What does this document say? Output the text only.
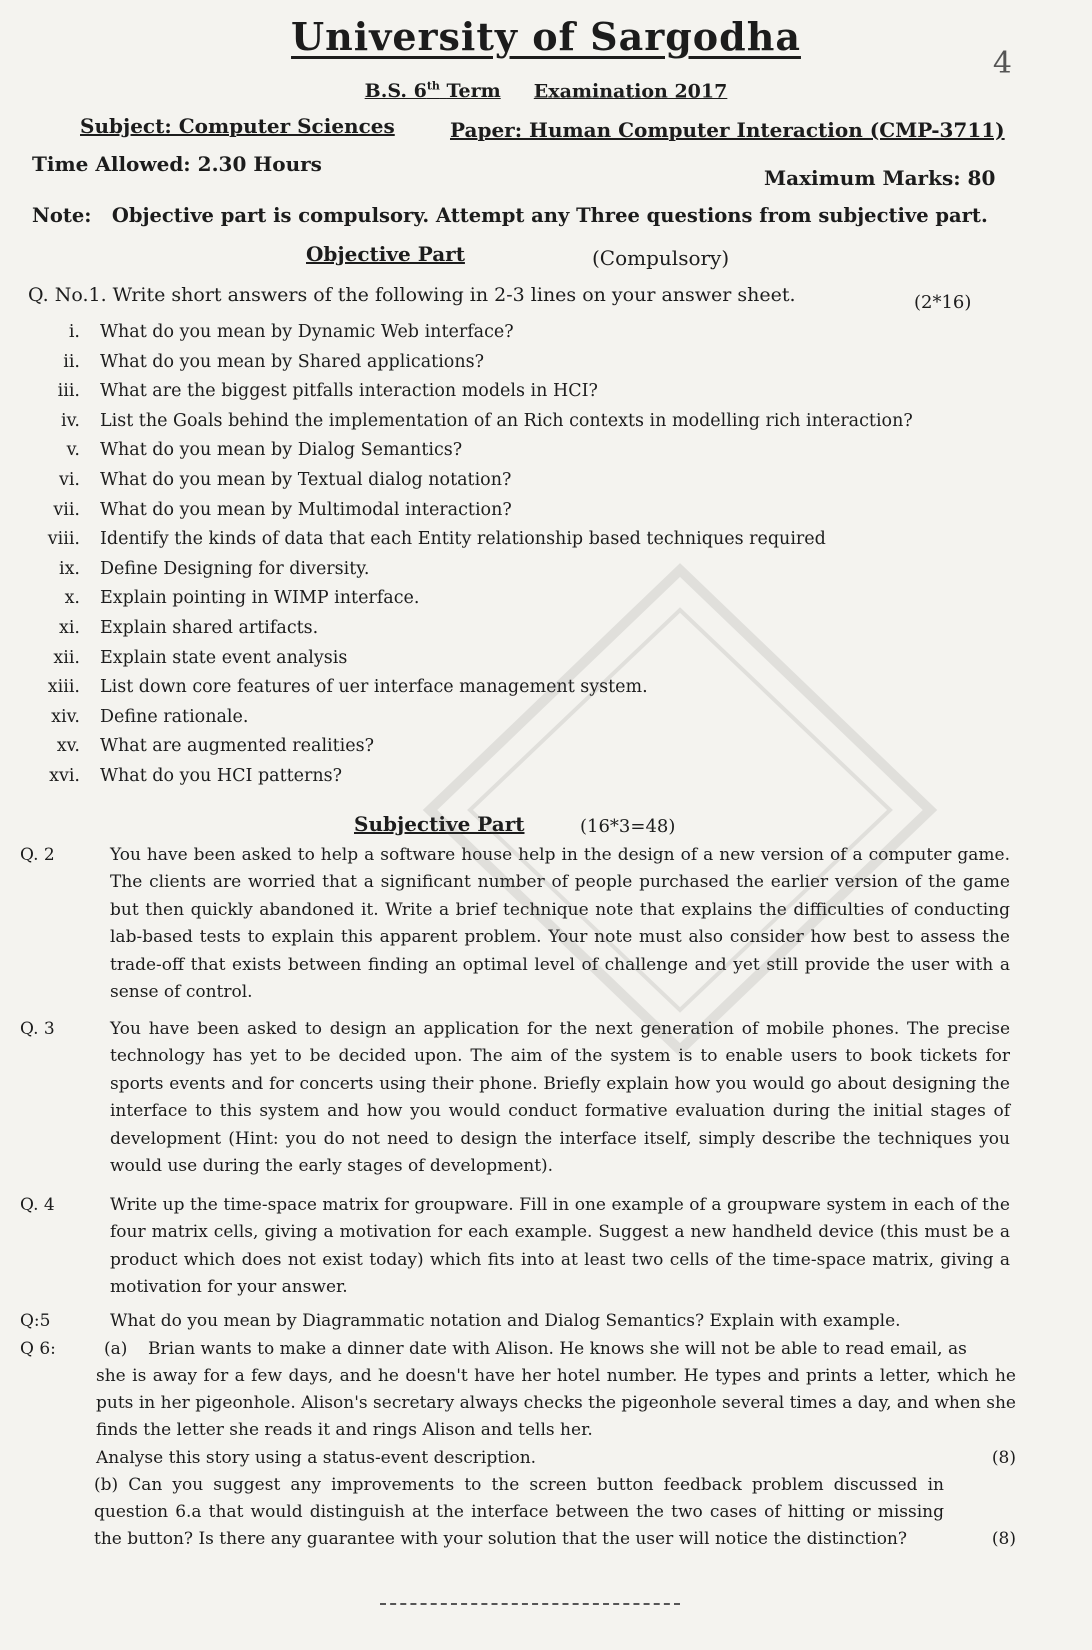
4
University of Sargodha
B.S. 6th Term Examination 2017
Subject: Computer Sciences	Paper: Human Computer Interaction (CMP-3711)
Time Allowed: 2.30 Hours
Maximum Marks: 80
Note: Objective part is compulsory. Attempt any Three questions from subjective part.
Objective Part	(Compulsory)
Q. No.1. Write short answers of the following in 2-3 lines on your answer sheet.	(2*16)
i. What do you mean by Dynamic Web interface?
ii. What do you mean by Shared applications?
iii. What are the biggest pitfalls interaction models in HCI?
iv. List the Goals behind the implementation of an Rich contexts in modelling rich interaction?
v. What do you mean by Dialog Semantics?
vi. What do you mean by Textual dialog notation?
vii. What do you mean by Multimodal interaction?
viii. Identify the kinds of data that each Entity relationship based techniques required
ix. Define Designing for diversity.
x. Explain pointing in WIMP interface.
xi. Explain shared artifacts.
xii. Explain state event analysis
xiii. List down core features of uer interface management system.
xiv. Define rationale.
xv. What are augmented realities?
xvi. What do you HCI patterns?
Subjective Part	(16*3=48)
Q. 2	You have been asked to help a software house help in the design of a new version of a computer game. The clients are worried that a significant number of people purchased the earlier version of the game but then quickly abandoned it. Write a brief technique note that explains the difficulties of conducting lab-based tests to explain this apparent problem. Your note must also consider how best to assess the trade-off that exists between finding an optimal level of challenge and yet still provide the user with a sense of control.
Q. 3	You have been asked to design an application for the next generation of mobile phones. The precise technology has yet to be decided upon. The aim of the system is to enable users to book tickets for sports events and for concerts using their phone. Briefly explain how you would go about designing the interface to this system and how you would conduct formative evaluation during the initial stages of development (Hint: you do not need to design the interface itself, simply describe the techniques you would use during the early stages of development).
Q. 4	Write up the time-space matrix for groupware. Fill in one example of a groupware system in each of the four matrix cells, giving a motivation for each example. Suggest a new handheld device (this must be a product which does not exist today) which fits into at least two cells of the time-space matrix, giving a motivation for your answer.
Q:5	What do you mean by Diagrammatic notation and Dialog Semantics? Explain with example.
Q 6:	(a) Brian wants to make a dinner date with Alison. He knows she will not be able to read email, as
she is away for a few days, and he doesn't have her hotel number. He types and prints a letter, which he puts in her pigeonhole. Alison's secretary always checks the pigeonhole several times a day, and when she finds the letter she reads it and rings Alison and tells her.
Analyse this story using a status-event description.	(8)
(b) Can you suggest any improvements to the screen button feedback problem discussed in question 6.a that would distinguish at the interface between the two cases of hitting or missing the button? Is there any guarantee with your solution that the user will notice the distinction?	(8)
